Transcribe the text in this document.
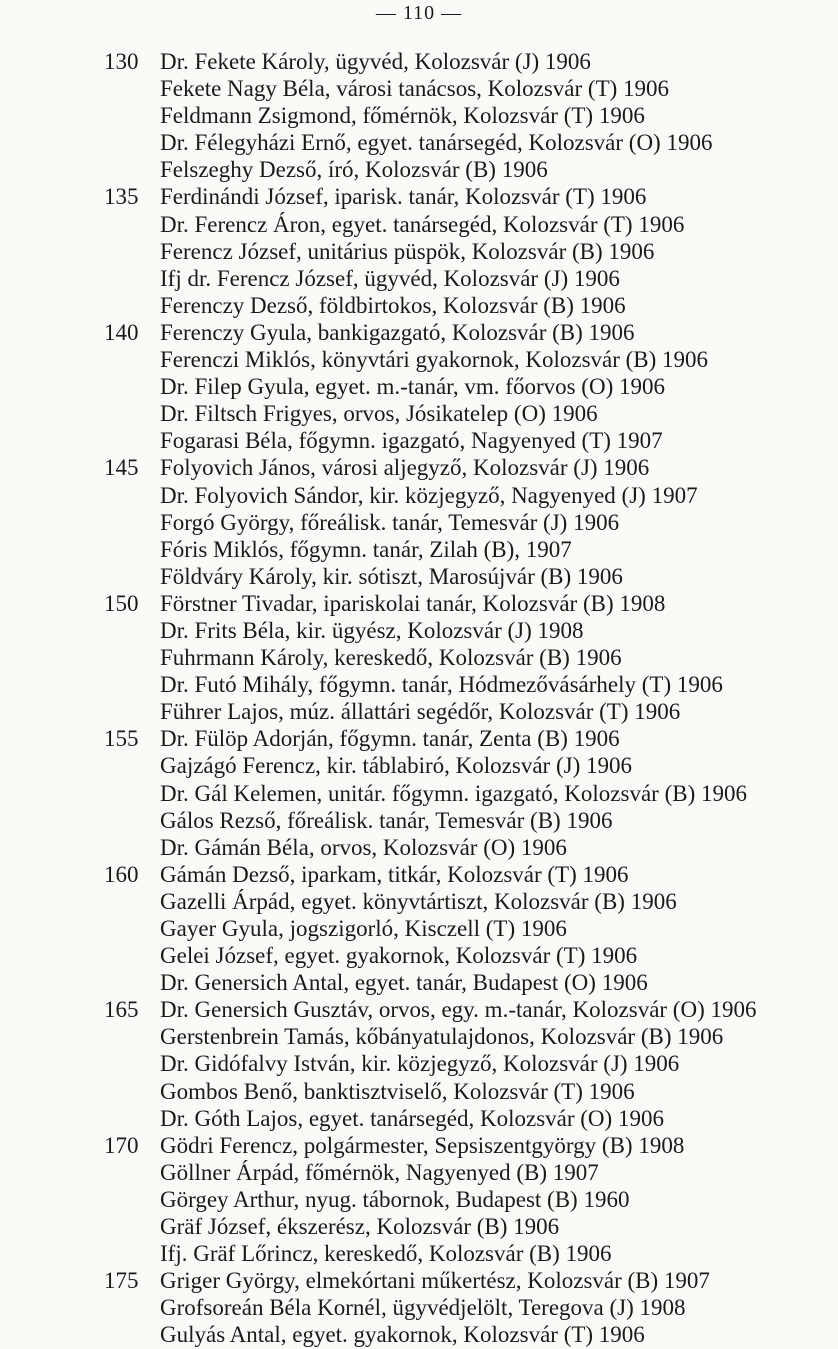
— 110 —
130 Dr. Fekete Károly, ügyvéd, Kolozsvár (J) 1906
Fekete Nagy Béla, városi tanácsos, Kolozsvár (T) 1906
Feldmann Zsigmond, főmérnök, Kolozsvár (T) 1906
Dr. Félegyházi Ernő, egyet. tanársegéd, Kolozsvár (O) 1906
Felszeghy Dezső, író, Kolozsvár (B) 1906
135 Ferdinándi József, iparisk. tanár, Kolozsvár (T) 1906
Dr. Ferencz Áron, egyet. tanársegéd, Kolozsvár (T) 1906
Ferencz József, unitárius püspök, Kolozsvár (B) 1906
Ifj dr. Ferencz József, ügyvéd, Kolozsvár (J) 1906
Ferenczy Dezső, földbirtokos, Kolozsvár (B) 1906
140 Ferenczy Gyula, bankigazgató, Kolozsvár (B) 1906
Ferenczi Miklós, könyvtári gyakornok, Kolozsvár (B) 1906
Dr. Filep Gyula, egyet. m.-tanár, vm. főorvos (O) 1906
Dr. Filtsch Frigyes, orvos, Jósikatelep (O) 1906
Fogarasi Béla, főgymn. igazgató, Nagyenyed (T) 1907
145 Folyovich János, városi aljegyző, Kolozsvár (J) 1906
Dr. Folyovich Sándor, kir. közjegyző, Nagyenyed (J) 1907
Forgó György, főreálisk. tanár, Temesvár (J) 1906
Fóris Miklós, főgymn. tanár, Zilah (B), 1907
Földváry Károly, kir. sótiszt, Marosújvár (B) 1906
150 Förstner Tivadar, ipariskolai tanár, Kolozsvár (B) 1908
Dr. Frits Béla, kir. ügyész, Kolozsvár (J) 1908
Fuhrmann Károly, kereskedő, Kolozsvár (B) 1906
Dr. Futó Mihály, főgymn. tanár, Hódmezővásárhely (T) 1906
Führer Lajos, múz. állattári segédőr, Kolozsvár (T) 1906
155 Dr. Fülöp Adorján, főgymn. tanár, Zenta (B) 1906
Gajzágó Ferencz, kir. táblabiró, Kolozsvár (J) 1906
Dr. Gál Kelemen, unitár. főgymn. igazgató, Kolozsvár (B) 1906
Gálos Rezső, főreálisk. tanár, Temesvár (B) 1906
Dr. Gámán Béla, orvos, Kolozsvár (O) 1906
160 Gámán Dezső, iparkam, titkár, Kolozsvár (T) 1906
Gazelli Árpád, egyet. könyvtártiszt, Kolozsvár (B) 1906
Gayer Gyula, jogszigorló, Kisczell (T) 1906
Gelei József, egyet. gyakornok, Kolozsvár (T) 1906
Dr. Genersich Antal, egyet. tanár, Budapest (O) 1906
165 Dr. Genersich Gusztáv, orvos, egy. m.-tanár, Kolozsvár (O) 1906
Gerstenbrein Tamás, kőbányatulajdonos, Kolozsvár (B) 1906
Dr. Gidófalvy István, kir. közjegyző, Kolozsvár (J) 1906
Gombos Benő, banktisztviselő, Kolozsvár (T) 1906
Dr. Góth Lajos, egyet. tanársegéd, Kolozsvár (O) 1906
170 Gödri Ferencz, polgármester, Sepsiszentgyörgy (B) 1908
Göllner Árpád, főmérnök, Nagyenyed (B) 1907
Görgey Arthur, nyug. tábornok, Budapest (B) 1960
Gräf József, ékszerész, Kolozsvár (B) 1906
Ifj. Gräf Lőrincz, kereskedő, Kolozsvár (B) 1906
175 Griger György, elmekórtani műkertész, Kolozsvár (B) 1907
Grofsoreán Béla Kornél, ügyvédjelölt, Teregova (J) 1908
Gulyás Antal, egyet. gyakornok, Kolozsvár (T) 1906
